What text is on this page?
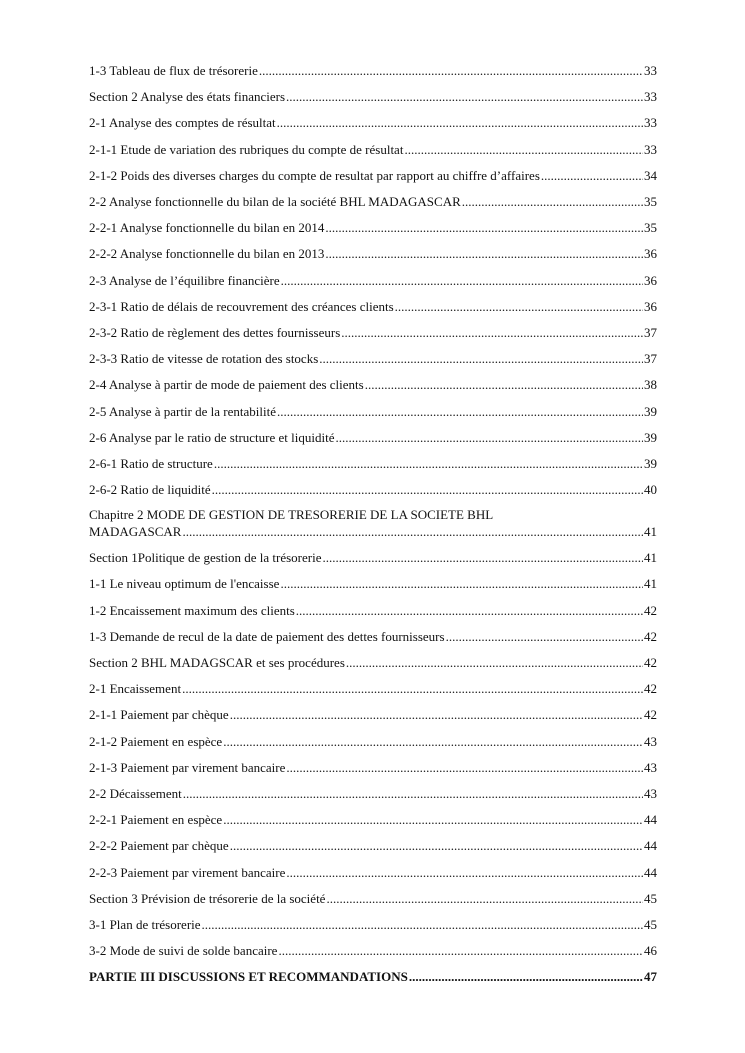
1-3 Tableau de flux de trésorerie .....	33
Section 2 Analyse des états financiers .....	33
2-1 Analyse des comptes de résultat .....	33
2-1-1 Etude de variation des rubriques du compte de résultat .....	33
2-1-2 Poids des diverses charges du compte de resultat par rapport au chiffre d’affaires .....	34
2-2 Analyse fonctionnelle du bilan de la société BHL MADAGASCAR .....	35
2-2-1 Analyse fonctionnelle du bilan en 2014 .....	35
2-2-2 Analyse fonctionnelle du bilan en 2013 .....	36
2-3 Analyse de l’équilibre financière .....	36
2-3-1 Ratio de délais de recouvrement des créances clients .....	36
2-3-2 Ratio de règlement des dettes fournisseurs .....	37
2-3-3 Ratio de vitesse de rotation des stocks .....	37
2-4 Analyse à partir de mode de paiement des clients .....	38
2-5 Analyse à partir de la rentabilité .....	39
2-6 Analyse par le ratio de structure et liquidité .....	39
2-6-1 Ratio de structure .....	39
2-6-2 Ratio de liquidité .....	40
Chapitre 2 MODE DE GESTION DE TRESORERIE DE LA SOCIETE BHL
MADAGASCAR .....	41
Section 1Politique de gestion de la trésorerie .....	41
1-1 Le niveau optimum de l'encaisse .....	41
1-2 Encaissement maximum des clients .....	42
1-3 Demande de recul de la date de paiement des dettes fournisseurs .....	42
Section 2 BHL MADAGSCAR et ses procédures .....	42
2-1 Encaissement .....	42
2-1-1 Paiement par chèque .....	42
2-1-2 Paiement en espèce .....	43
2-1-3 Paiement par virement bancaire .....	43
2-2 Décaissement .....	43
2-2-1 Paiement en espèce .....	44
2-2-2 Paiement par chèque .....	44
2-2-3 Paiement par virement bancaire .....	44
Section 3 Prévision de trésorerie de la société .....	45
3-1 Plan de trésorerie .....	45
3-2 Mode de suivi de solde bancaire .....	46
PARTIE III DISCUSSIONS ET RECOMMANDATIONS .....	47
